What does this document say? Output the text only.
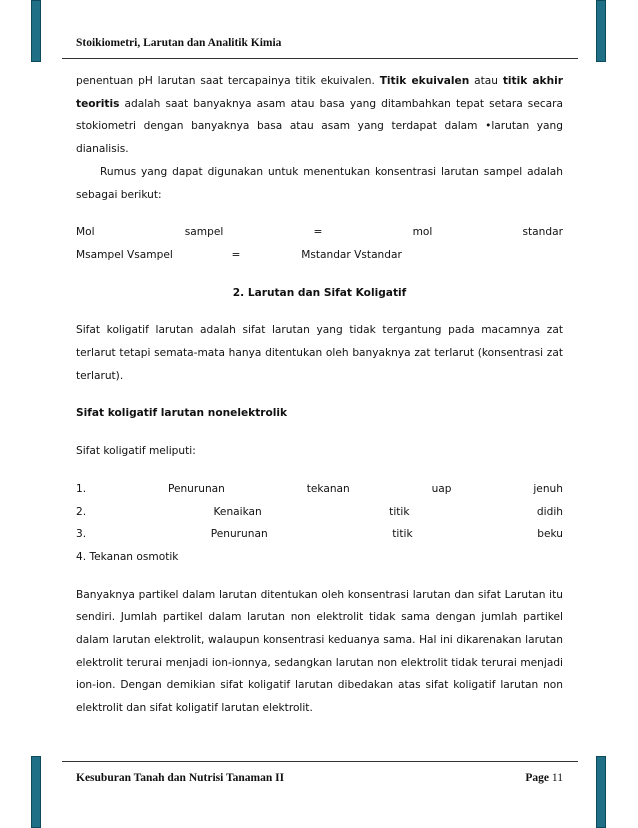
Stoikiometri, Larutan dan Analitik Kimia

penentuan pH larutan saat tercapainya titik ekuivalen. Titik ekuivalen atau titik akhir teoritis adalah saat banyaknya asam atau basa yang ditambahkan tepat setara secara stokiometri dengan banyaknya basa atau asam yang terdapat dalam •larutan yang dianalisis.

Rumus yang dapat digunakan untuk menentukan konsentrasi larutan sampel adalah sebagai berikut:

Mol	sampel	=	mol	standar
Msampel Vsampel	=	Mstandar Vstandar

2. Larutan dan Sifat Koligatif

Sifat koligatif larutan adalah sifat larutan yang tidak tergantung pada macamnya zat terlarut tetapi semata-mata hanya ditentukan oleh banyaknya zat terlarut (konsentrasi zat terlarut).

Sifat koligatif larutan nonelektrolik

Sifat koligatif meliputi:

1.	Penurunan	tekanan	uap	jenuh
2.	Kenaikan	titik	didih
3.	Penurunan	titik	beku

4. Tekanan osmotik

Banyaknya partikel dalam larutan ditentukan oleh konsentrasi larutan dan sifat Larutan itu sendiri. Jumlah partikel dalam larutan non elektrolit tidak sama dengan jumlah partikel dalam larutan elektrolit, walaupun konsentrasi keduanya sama. Hal ini dikarenakan larutan elektrolit terurai menjadi ion-ionnya, sedangkan larutan non elektrolit tidak terurai menjadi ion-ion. Dengan demikian sifat koligatif larutan dibedakan atas sifat koligatif larutan non elektrolit dan sifat koligatif larutan elektrolit.

Kesuburan Tanah dan Nutrisi Tanaman II	Page 11
